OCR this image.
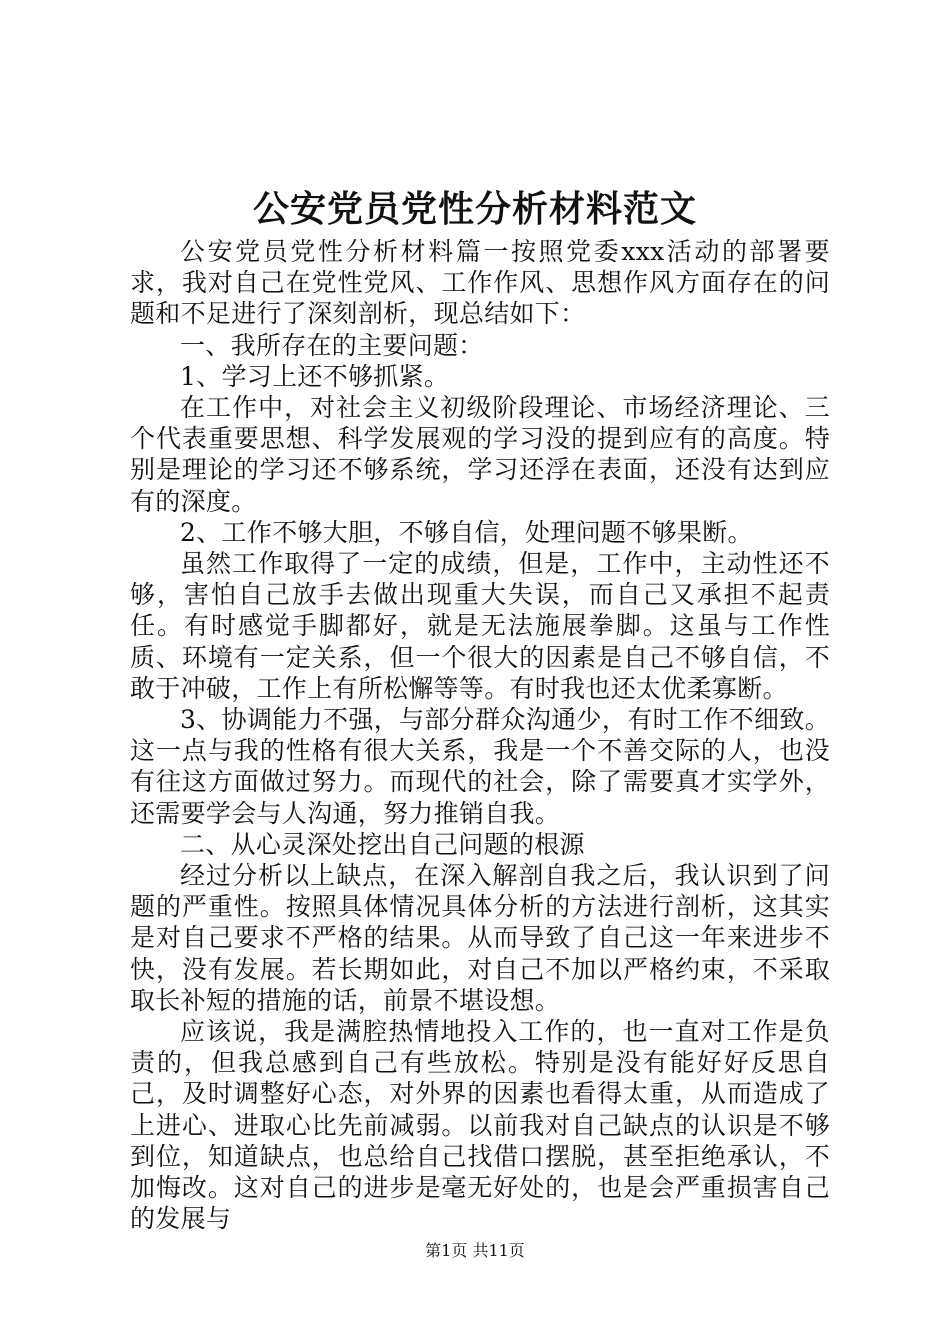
公安党员党性分析材料范文

公安党员党性分析材料篇一按照党委xxx活动的部署要求，我对自己在党性党风、工作作风、思想作风方面存在的问题和不足进行了深刻剖析，现总结如下：

一、我所存在的主要问题：

1、学习上还不够抓紧。

在工作中，对社会主义初级阶段理论、市场经济理论、三个代表重要思想、科学发展观的学习没的提到应有的高度。特别是理论的学习还不够系统，学习还浮在表面，还没有达到应有的深度。

2、工作不够大胆，不够自信，处理问题不够果断。

虽然工作取得了一定的成绩，但是，工作中，主动性还不够，害怕自己放手去做出现重大失误，而自己又承担不起责任。有时感觉手脚都好，就是无法施展拳脚。这虽与工作性质、环境有一定关系，但一个很大的因素是自己不够自信，不敢于冲破，工作上有所松懈等等。有时我也还太优柔寡断。

3、协调能力不强，与部分群众沟通少，有时工作不细致。这一点与我的性格有很大关系，我是一个不善交际的人，也没有往这方面做过努力。而现代的社会，除了需要真才实学外，还需要学会与人沟通，努力推销自我。

二、从心灵深处挖出自己问题的根源

经过分析以上缺点，在深入解剖自我之后，我认识到了问题的严重性。按照具体情况具体分析的方法进行剖析，这其实是对自己要求不严格的结果。从而导致了自己这一年来进步不快，没有发展。若长期如此，对自己不加以严格约束，不采取取长补短的措施的话，前景不堪设想。

应该说，我是满腔热情地投入工作的，也一直对工作是负责的，但我总感到自己有些放松。特别是没有能好好反思自己，及时调整好心态，对外界的因素也看得太重，从而造成了上进心、进取心比先前减弱。以前我对自己缺点的认识是不够到位，知道缺点，也总给自己找借口摆脱，甚至拒绝承认，不加悔改。这对自己的进步是毫无好处的，也是会严重损害自己的发展与

第1页 共11页
